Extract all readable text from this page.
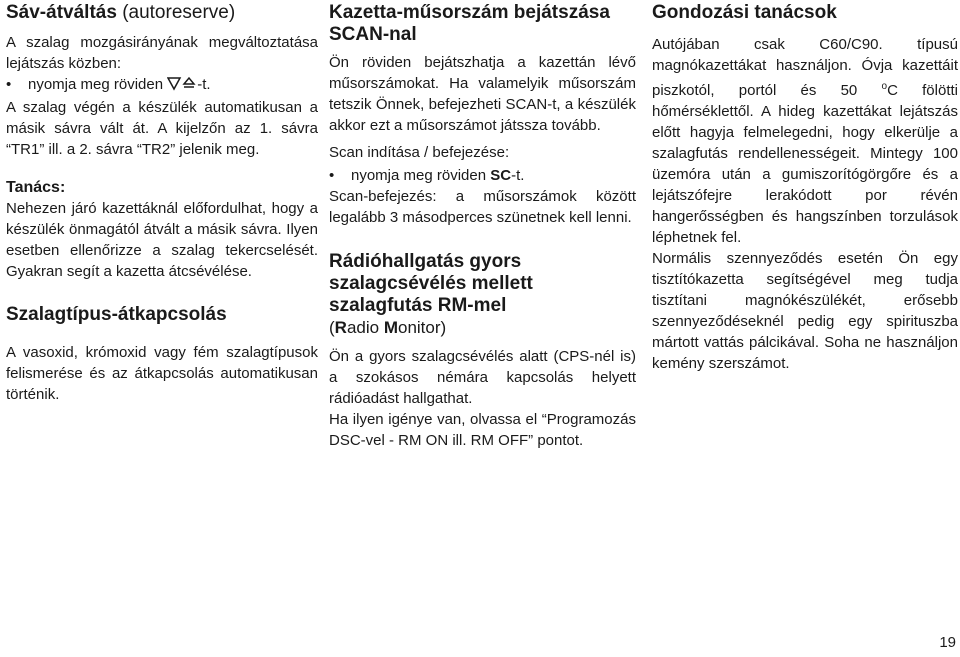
Sáv-átváltás (autoreserve)

A szalag mozgásirányának megváltoztatása lejátszás közben:

•	nyomja meg röviden -t.

A szalag végén a készülék automatikusan a másik sávra vált át. A kijelzőn az 1. sávra “TR1” ill. a 2. sávra “TR2” jelenik meg.

Tanács:

Nehezen járó kazettáknál előfordulhat, hogy a készülék önmagától átvált a másik sávra. Ilyen esetben ellenőrizze a szalag tekercselését. Gyakran segít a kazetta átcsévélése.

Szalagtípus-átkapcsolás

A vasoxid, krómoxid vagy fém szalagtípusok felismerése és az átkapcsolás automatikusan történik.

Kazetta-műsorszám bejátszása SCAN-nal

Ön röviden bejátszhatja a kazettán lévő műsorszámokat. Ha valamelyik műsorszám tetszik Önnek, befejezheti SCAN-t, a készülék akkor ezt a műsorszámot játssza tovább.

Scan indítása / befejezése:

•	nyomja meg röviden SC-t.

Scan-befejezés: a műsorszámok között legalább 3 másodperces szünetnek kell lenni.

Rádióhallgatás gyors szalagcsévélés mellett szalagfutás RM-mel

(Radio Monitor)

Ön a gyors szalagcsévélés alatt (CPS-nél is) a szokásos némára kapcsolás helyett rádióadást hallgathat.

Ha ilyen igénye van, olvassa el “Programozás DSC-vel - RM ON ill. RM OFF” pontot.

Gondozási tanácsok

Autójában csak C60/C90. típusú magnókazettákat használjon. Óvja kazettáit piszkotól, portól és 50 $^o$C fölötti hőmérséklettől. A hideg kazettákat lejátszás előtt hagyja felmelegedni, hogy elkerülje a szalagfutás rendellenességeit. Mintegy 100 üzemóra után a gumiszorítógörgőre és a lejátszófejre lerakódott por révén hangerősségben és hangszínben torzulások léphetnek fel.

Normális szennyeződés esetén Ön egy tisztítókazetta segítségével meg tudja tisztítani magnókészülékét, erősebb szennyeződéseknél pedig egy spirituszba mártott vattás pálcikával. Soha ne használjon kemény szerszámot.

19
